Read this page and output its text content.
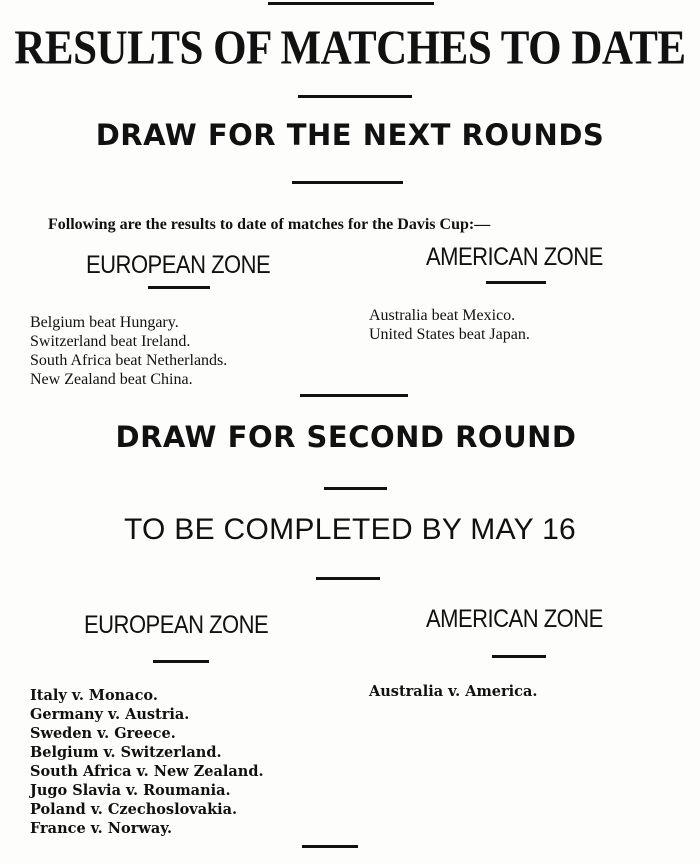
RESULTS OF MATCHES TO DATE
DRAW FOR THE NEXT ROUNDS
Following are the results to date of matches for the Davis Cup:—
EUROPEAN ZONE
Belgium beat Hungary.
Switzerland beat Ireland.
South Africa beat Netherlands.
New Zealand beat China.
AMERICAN ZONE
Australia beat Mexico.
United States beat Japan.
DRAW FOR SECOND ROUND
TO BE COMPLETED BY MAY 16
EUROPEAN ZONE
Italy v. Monaco.
Germany v. Austria.
Sweden v. Greece.
Belgium v. Switzerland.
South Africa v. New Zealand.
Jugo Slavia v. Roumania.
Poland v. Czechoslovakia.
France v. Norway.
AMERICAN ZONE
Australia v. America.
